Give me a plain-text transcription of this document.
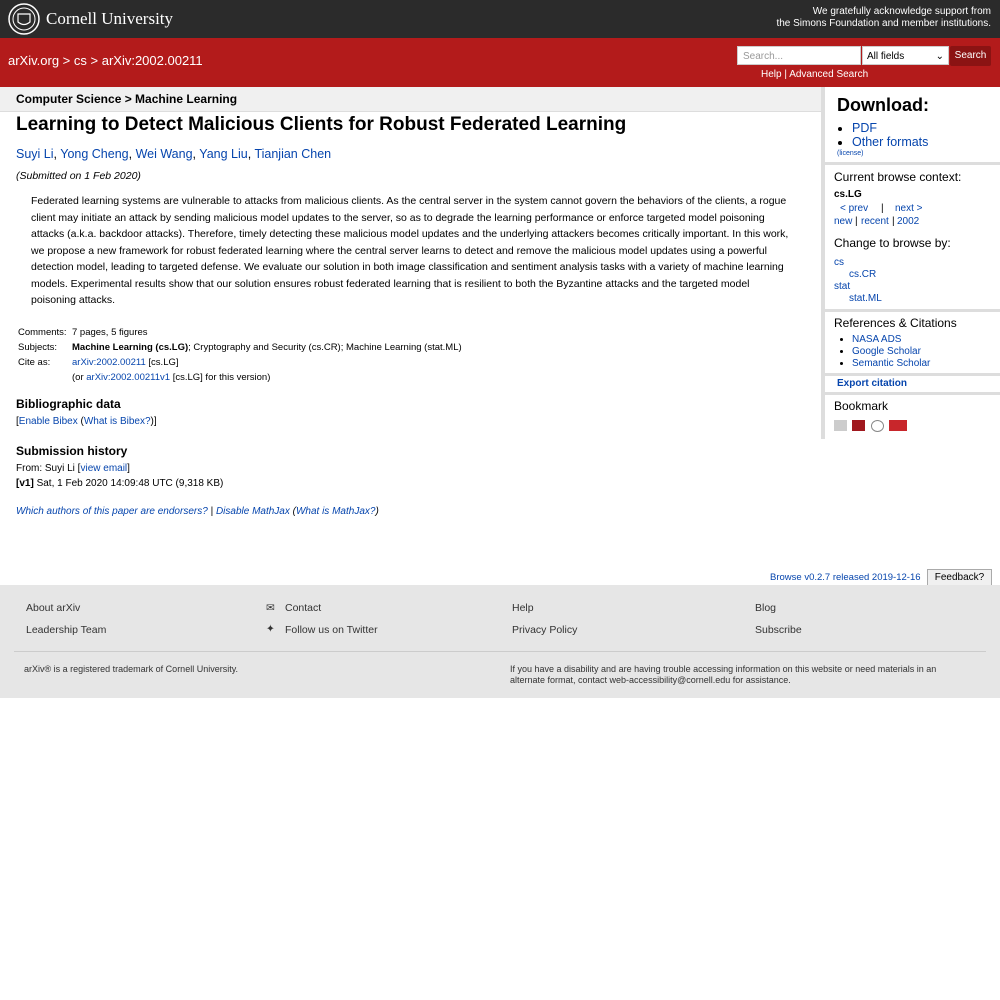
Cornell University	We gratefully acknowledge support from
the Simons Foundation and member institutions.
arXiv.org > cs > arXiv:2002.00211	Search...	All fields	⌄	Search
Help | Advanced Search
Computer Science > Machine Learning
Learning to Detect Malicious Clients for Robust Federated Learning
Suyi Li, Yong Cheng, Wei Wang, Yang Liu, Tianjian Chen
(Submitted on 1 Feb 2020)
Federated learning systems are vulnerable to attacks from malicious clients. As the central server in the system cannot govern the behaviors of the clients, a rogue client may initiate an attack by sending malicious model updates to the server, so as to degrade the learning performance or enforce targeted model poisoning attacks (a.k.a. backdoor attacks). Therefore, timely detecting these malicious model updates and the underlying attackers becomes critically important. In this work, we propose a new framework for robust federated learning where the central server learns to detect and remove the malicious model updates using a powerful detection model, leading to targeted defense. We evaluate our solution in both image classification and sentiment analysis tasks with a variety of machine learning models. Experimental results show that our solution ensures robust federated learning that is resilient to both the Byzantine attacks and the targeted model poisoning attacks.
Comments:	7 pages, 5 figures
Subjects:	Machine Learning (cs.LG); Cryptography and Security (cs.CR); Machine Learning (stat.ML)
Cite as:	arXiv:2002.00211 [cs.LG]
	(or arXiv:2002.00211v1 [cs.LG] for this version)
Bibliographic data
[Enable Bibex (What is Bibex?)]
Submission history
From: Suyi Li [view email]
[v1] Sat, 1 Feb 2020 14:09:48 UTC (9,318 KB)
Which authors of this paper are endorsers? | Disable MathJax (What is MathJax?)
Download:
• PDF
• Other formats
(license)
Current browse context:
cs.LG
< prev | next >
new | recent | 2002
Change to browse by:
cs
cs.CR
stat
stat.ML
References & Citations
• NASA ADS
• Google Scholar
• Semantic Scholar
Export citation
Bookmark

Browse v0.2.7 released 2019-12-16	Feedback?
About arXiv
Leadership Team
✉ Contact
✦ Follow us on Twitter
Help
Privacy Policy
Blog
Subscribe
arXiv® is a registered trademark of Cornell University.	If you have a disability and are having trouble accessing information on this website or need materials in an alternate format, contact web-accessibility@cornell.edu for assistance.
